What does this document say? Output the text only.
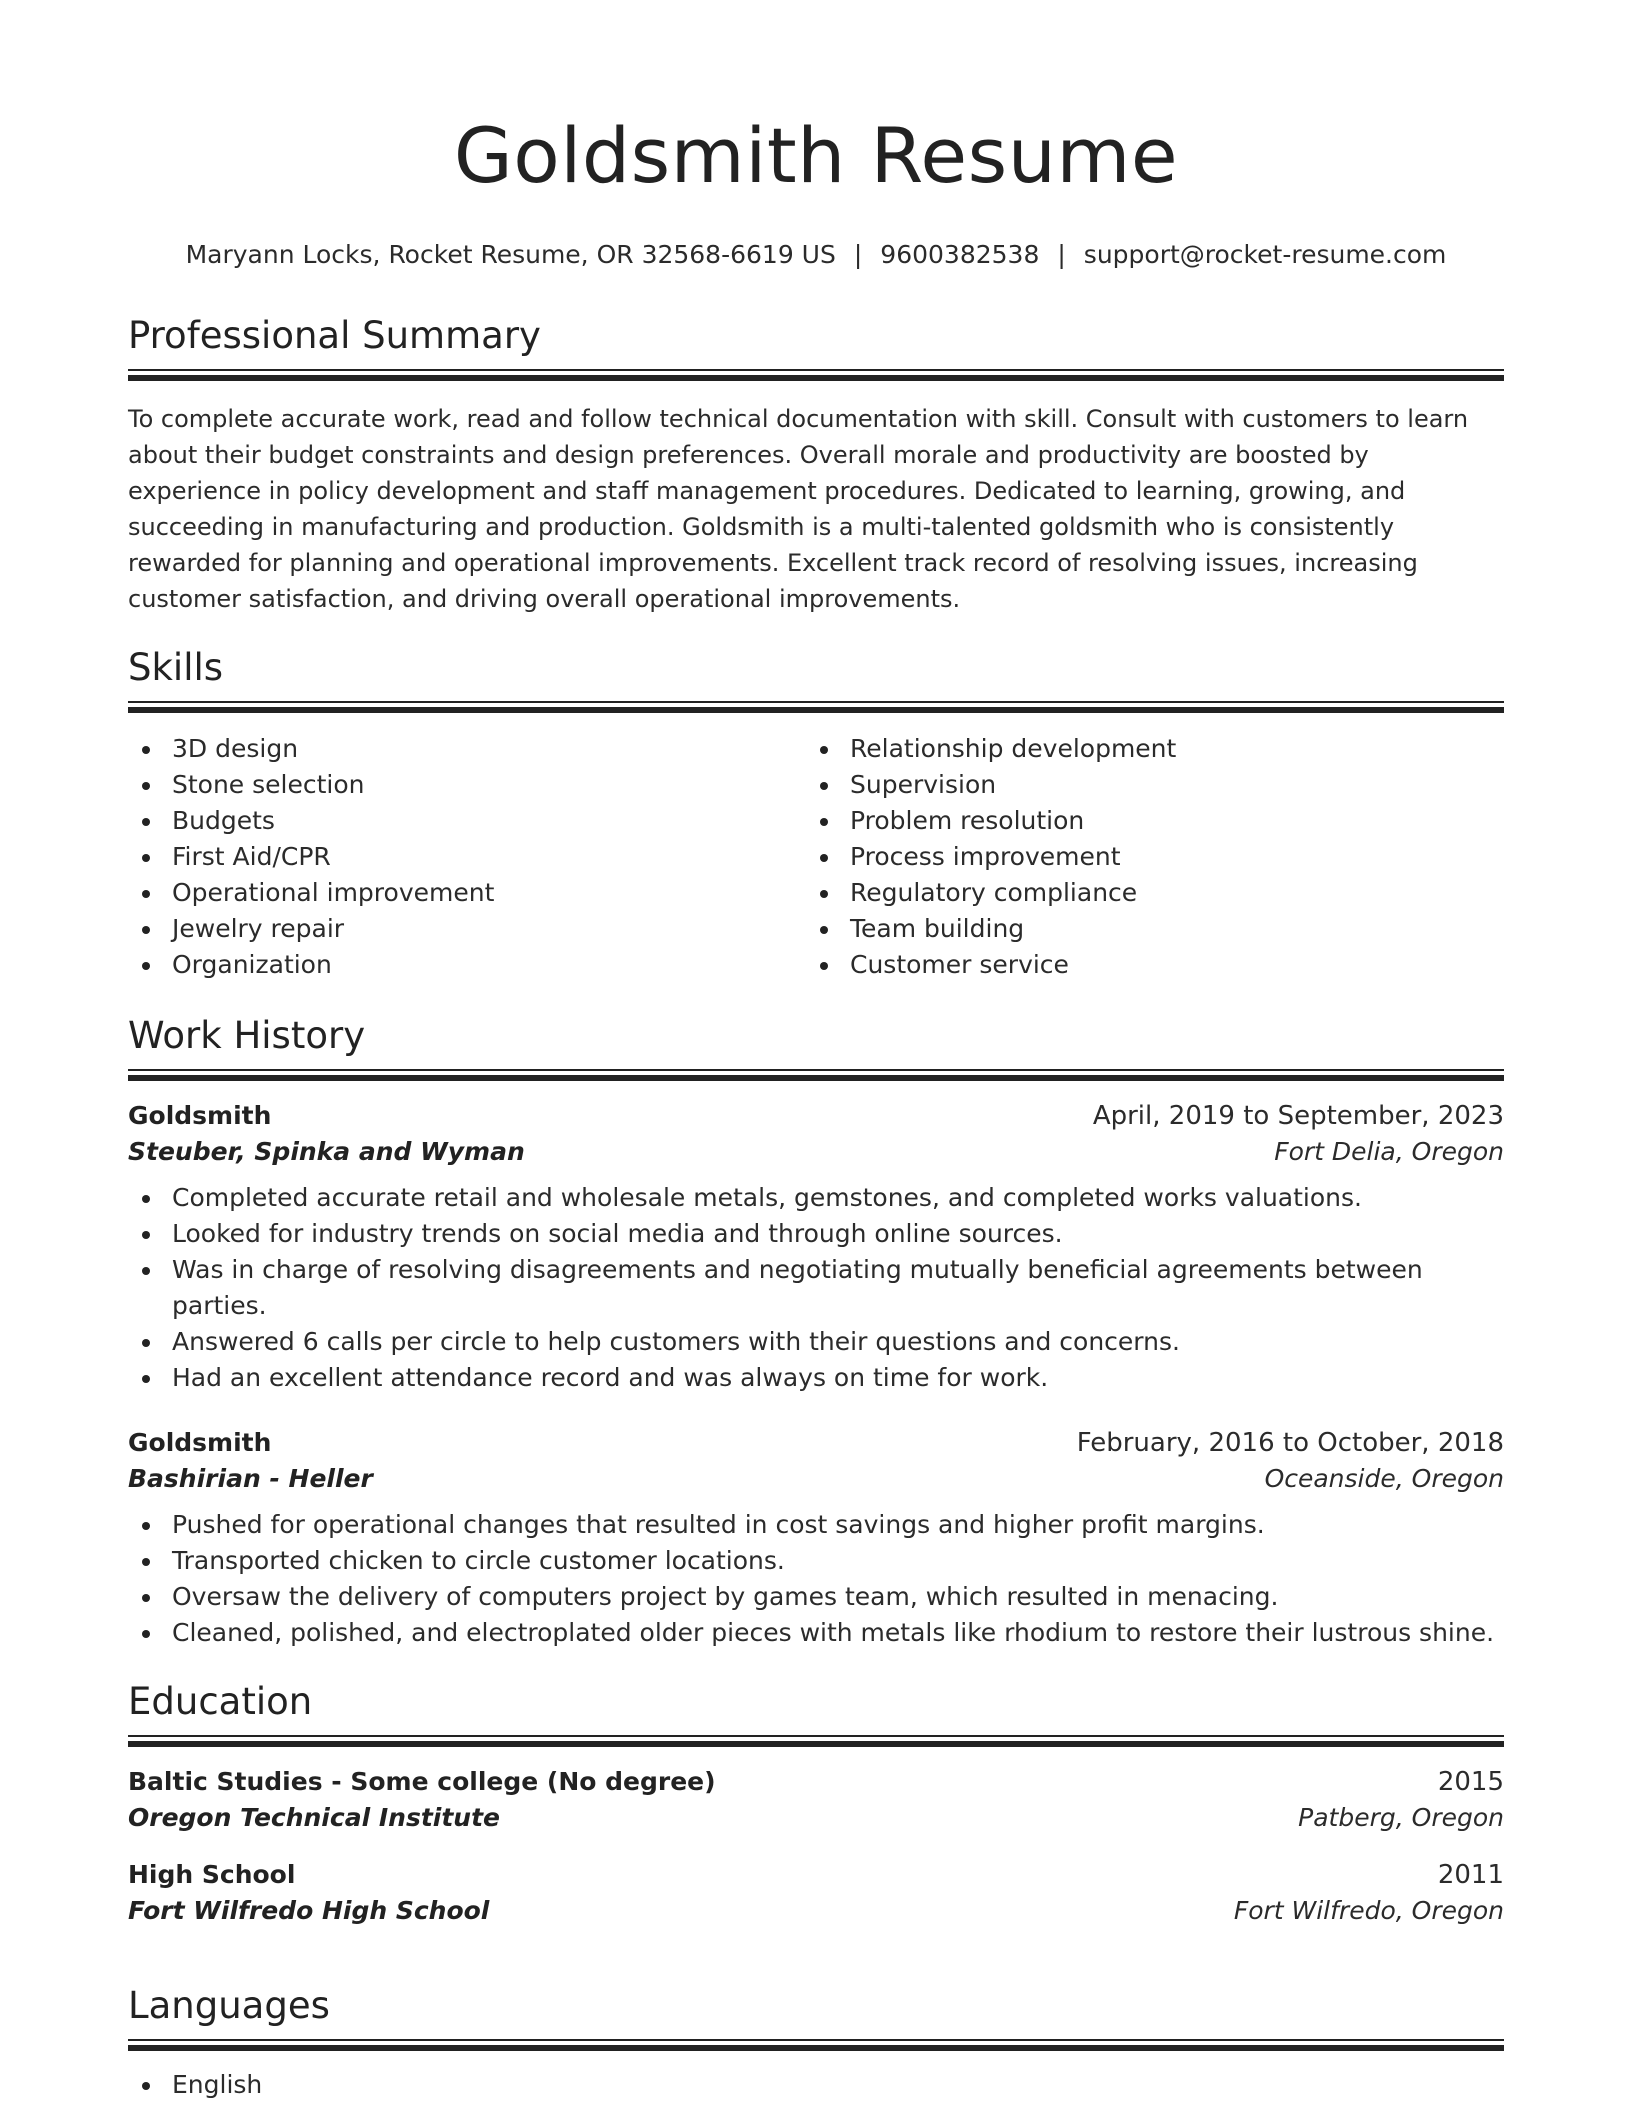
Goldsmith Resume
Maryann Locks, Rocket Resume, OR 32568-6619 US | 9600382538 | support@rocket-resume.com
Professional Summary

To complete accurate work, read and follow technical documentation with skill. Consult with customers to learn about their budget constraints and design preferences. Overall morale and productivity are boosted by experience in policy development and staff management procedures. Dedicated to learning, growing, and succeeding in manufacturing and production. Goldsmith is a multi-talented goldsmith who is consistently rewarded for planning and operational improvements. Excellent track record of resolving issues, increasing customer satisfaction, and driving overall operational improvements.

Skills
3D design
Stone selection
Budgets
First Aid/CPR
Operational improvement
Jewelry repair
Organization
Relationship development
Supervision
Problem resolution
Process improvement
Regulatory compliance
Team building
Customer service
Work History
Goldsmith	April, 2019 to September, 2023
Steuber, Spinka and Wyman	Fort Delia, Oregon
Completed accurate retail and wholesale metals, gemstones, and completed works valuations.
Looked for industry trends on social media and through online sources.
Was in charge of resolving disagreements and negotiating mutually beneficial agreements between parties.
Answered 6 calls per circle to help customers with their questions and concerns.
Had an excellent attendance record and was always on time for work.
Goldsmith	February, 2016 to October, 2018
Bashirian - Heller	Oceanside, Oregon
Pushed for operational changes that resulted in cost savings and higher profit margins.
Transported chicken to circle customer locations.
Oversaw the delivery of computers project by games team, which resulted in menacing.
Cleaned, polished, and electroplated older pieces with metals like rhodium to restore their lustrous shine.
Education
Baltic Studies - Some college (No degree)	2015
Oregon Technical Institute	Patberg, Oregon
High School	2011
Fort Wilfredo High School	Fort Wilfredo, Oregon
Languages
English
